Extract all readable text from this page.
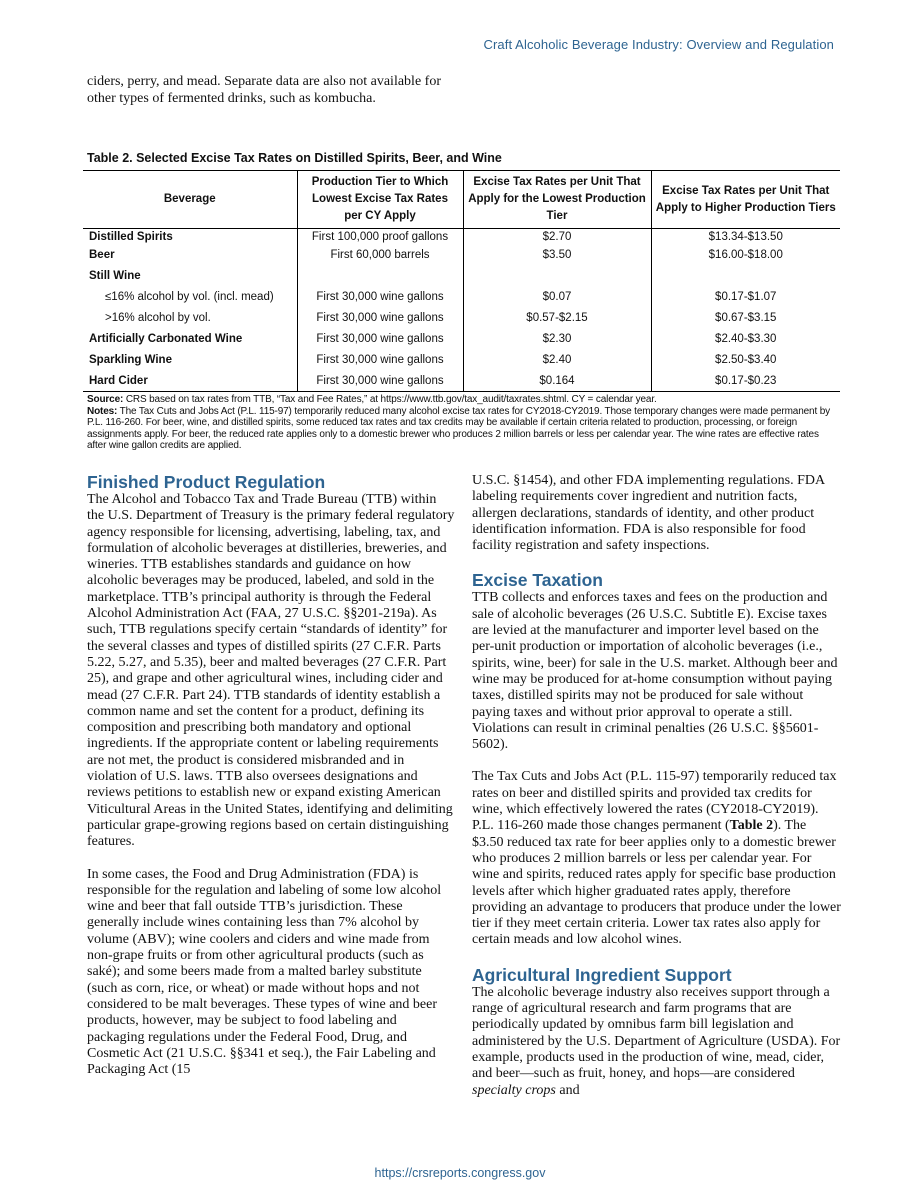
Craft Alcoholic Beverage Industry: Overview and Regulation

ciders, perry, and mead. Separate data are also not available for other types of fermented drinks, such as kombucha.

Table 2. Selected Excise Tax Rates on Distilled Spirits, Beer, and Wine
Beverage	Production Tier to Which Lowest Excise Tax Rates per CY Apply	Excise Tax Rates per Unit That Apply for the Lowest Production Tier	Excise Tax Rates per Unit That Apply to Higher Production Tiers
Distilled Spirits	First 100,000 proof gallons	$2.70	$13.34-$13.50
Beer	First 60,000 barrels	$3.50	$16.00-$18.00
Still Wine			
≤16% alcohol by vol. (incl. mead)	First 30,000 wine gallons	$0.07	$0.17-$1.07
>16% alcohol by vol.	First 30,000 wine gallons	$0.57-$2.15	$0.67-$3.15
Artificially Carbonated Wine	First 30,000 wine gallons	$2.30	$2.40-$3.30
Sparkling Wine	First 30,000 wine gallons	$2.40	$2.50-$3.40
Hard Cider	First 30,000 wine gallons	$0.164	$0.17-$0.23

Source: CRS based on tax rates from TTB, “Tax and Fee Rates,” at https://www.ttb.gov/tax_audit/taxrates.shtml. CY = calendar year.

Notes: The Tax Cuts and Jobs Act (P.L. 115-97) temporarily reduced many alcohol excise tax rates for CY2018-CY2019. Those temporary changes were made permanent by P.L. 116-260. For beer, wine, and distilled spirits, some reduced tax rates and tax credits may be available if certain criteria related to production, processing, or foreign assignments apply. For beer, the reduced rate applies only to a domestic brewer who produces 2 million barrels or less per calendar year. The wine rates are effective rates after wine gallon credits are applied.

Finished Product Regulation

The Alcohol and Tobacco Tax and Trade Bureau (TTB) within the U.S. Department of Treasury is the primary federal regulatory agency responsible for licensing, advertising, labeling, tax, and formulation of alcoholic beverages at distilleries, breweries, and wineries. TTB establishes standards and guidance on how alcoholic beverages may be produced, labeled, and sold in the marketplace. TTB’s principal authority is through the Federal Alcohol Administration Act (FAA, 27 U.S.C. §§201-219a). As such, TTB regulations specify certain “standards of identity” for the several classes and types of distilled spirits (27 C.F.R. Parts 5.22, 5.27, and 5.35), beer and malted beverages (27 C.F.R. Part 25), and grape and other agricultural wines, including cider and mead (27 C.F.R. Part 24). TTB standards of identity establish a common name and set the content for a product, defining its composition and prescribing both mandatory and optional ingredients. If the appropriate content or labeling requirements are not met, the product is considered misbranded and in violation of U.S. laws. TTB also oversees designations and reviews petitions to establish new or expand existing American Viticultural Areas in the United States, identifying and delimiting particular grape-growing regions based on certain distinguishing features.

In some cases, the Food and Drug Administration (FDA) is responsible for the regulation and labeling of some low alcohol wine and beer that fall outside TTB’s jurisdiction. These generally include wines containing less than 7% alcohol by volume (ABV); wine coolers and ciders and wine made from non-grape fruits or from other agricultural products (such as saké); and some beers made from a malted barley substitute (such as corn, rice, or wheat) or made without hops and not considered to be malt beverages. These types of wine and beer products, however, may be subject to food labeling and packaging regulations under the Federal Food, Drug, and Cosmetic Act (21 U.S.C. §§341 et seq.), the Fair Labeling and Packaging Act (15

U.S.C. §1454), and other FDA implementing regulations. FDA labeling requirements cover ingredient and nutrition facts, allergen declarations, standards of identity, and other product identification information. FDA is also responsible for food facility registration and safety inspections.

Excise Taxation

TTB collects and enforces taxes and fees on the production and sale of alcoholic beverages (26 U.S.C. Subtitle E). Excise taxes are levied at the manufacturer and importer level based on the per-unit production or importation of alcoholic beverages (i.e., spirits, wine, beer) for sale in the U.S. market. Although beer and wine may be produced for at-home consumption without paying taxes, distilled spirits may not be produced for sale without paying taxes and without prior approval to operate a still. Violations can result in criminal penalties (26 U.S.C. §§5601-5602).

The Tax Cuts and Jobs Act (P.L. 115-97) temporarily reduced tax rates on beer and distilled spirits and provided tax credits for wine, which effectively lowered the rates (CY2018-CY2019). P.L. 116-260 made those changes permanent (Table 2). The $3.50 reduced tax rate for beer applies only to a domestic brewer who produces 2 million barrels or less per calendar year. For wine and spirits, reduced rates apply for specific base production levels after which higher graduated rates apply, therefore providing an advantage to producers that produce under the lower tier if they meet certain criteria. Lower tax rates also apply for certain meads and low alcohol wines.

Agricultural Ingredient Support

The alcoholic beverage industry also receives support through a range of agricultural research and farm programs that are periodically updated by omnibus farm bill legislation and administered by the U.S. Department of Agriculture (USDA). For example, products used in the production of wine, mead, cider, and beer—such as fruit, honey, and hops—are considered specialty crops and

https://crsreports.congress.gov
